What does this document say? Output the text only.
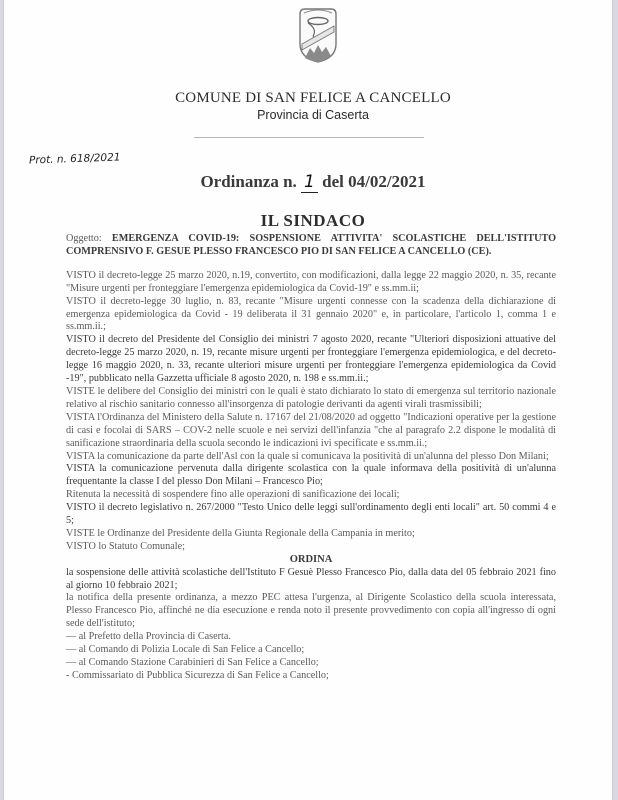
COMUNE DI SAN FELICE A CANCELLO
Provincia di Caserta
Prot. n. 618/2021
Ordinanza n. 1 del 04/02/2021
IL SINDACO

Oggetto: EMERGENZA COVID-19: SOSPENSIONE ATTIVITA' SCOLASTICHE DELL'ISTITUTO COMPRENSIVO F. GESUE PLESSO FRANCESCO PIO DI SAN FELICE A CANCELLO (CE).

VISTO il decreto-legge 25 marzo 2020, n.19, convertito, con modificazioni, dalla legge 22 maggio 2020, n. 35, recante "Misure urgenti per fronteggiare l'emergenza epidemiologica da Covid-19" e ss.mm.ii;

VISTO il decreto-legge 30 luglio, n. 83, recante "Misure urgenti connesse con la scadenza della dichiarazione di emergenza epidemiologica da Covid - 19 deliberata il 31 gennaio 2020" e, in particolare, l'articolo 1, comma 1 e ss.mm.ii.;

VISTO il decreto del Presidente del Consiglio dei ministri 7 agosto 2020, recante "Ulteriori disposizioni attuative del decreto-legge 25 marzo 2020, n. 19, recante misure urgenti per fronteggiare l'emergenza epidemiologica, e del decreto-legge 16 maggio 2020, n. 33, recante ulteriori misure urgenti per fronteggiare l'emergenza epidemiologica da Covid -19", pubblicato nella Gazzetta ufficiale 8 agosto 2020, n. 198 e ss.mm.ii.;

VISTE le delibere del Consiglio dei ministri con le quali è stato dichiarato lo stato di emergenza sul territorio nazionale relativo al rischio sanitario connesso all'insorgenza di patologie derivanti da agenti virali trasmissibili;

VISTA l'Ordinanza del Ministero della Salute n. 17167 del 21/08/2020 ad oggetto "Indicazioni operative per la gestione di casi e focolai di SARS – COV-2 nelle scuole e nei servizi dell'infanzia "che al paragrafo 2.2 dispone le modalità di sanificazione straordinaria della scuola secondo le indicazioni ivi specificate e ss.mm.ii.;

VISTA la comunicazione da parte dell'Asl con la quale si comunicava la positività di un'alunna del plesso Don Milani;

VISTA la comunicazione pervenuta dalla dirigente scolastica con la quale informava della positività di un'alunna frequentante la classe I del plesso Don Milani – Francesco Pio;

Ritenuta la necessità di sospendere fino alle operazioni di sanificazione dei locali;

VISTO il decreto legislativo n. 267/2000 "Testo Unico delle leggi sull'ordinamento degli enti locali" art. 50 commi 4 e 5;

VISTE le Ordinanze del Presidente della Giunta Regionale della Campania in merito;

VISTO lo Statuto Comunale;

ORDINA

la sospensione delle attività scolastiche dell'Istituto F Gesuè Plesso Francesco Pio, dalla data del 05 febbraio 2021 fino al giorno 10 febbraio 2021;

la notifica della presente ordinanza, a mezzo PEC attesa l'urgenza, al Dirigente Scolastico della scuola interessata, Plesso Francesco Pio, affinché ne dia esecuzione e renda noto il presente provvedimento con copia all'ingresso di ogni sede dell'istituto;

— al Prefetto della Provincia di Caserta.
— al Comando di Polizia Locale di San Felice a Cancello;
— al Comando Stazione Carabinieri di San Felice a Cancello;
- Commissariato di Pubblica Sicurezza di San Felice a Cancello;
